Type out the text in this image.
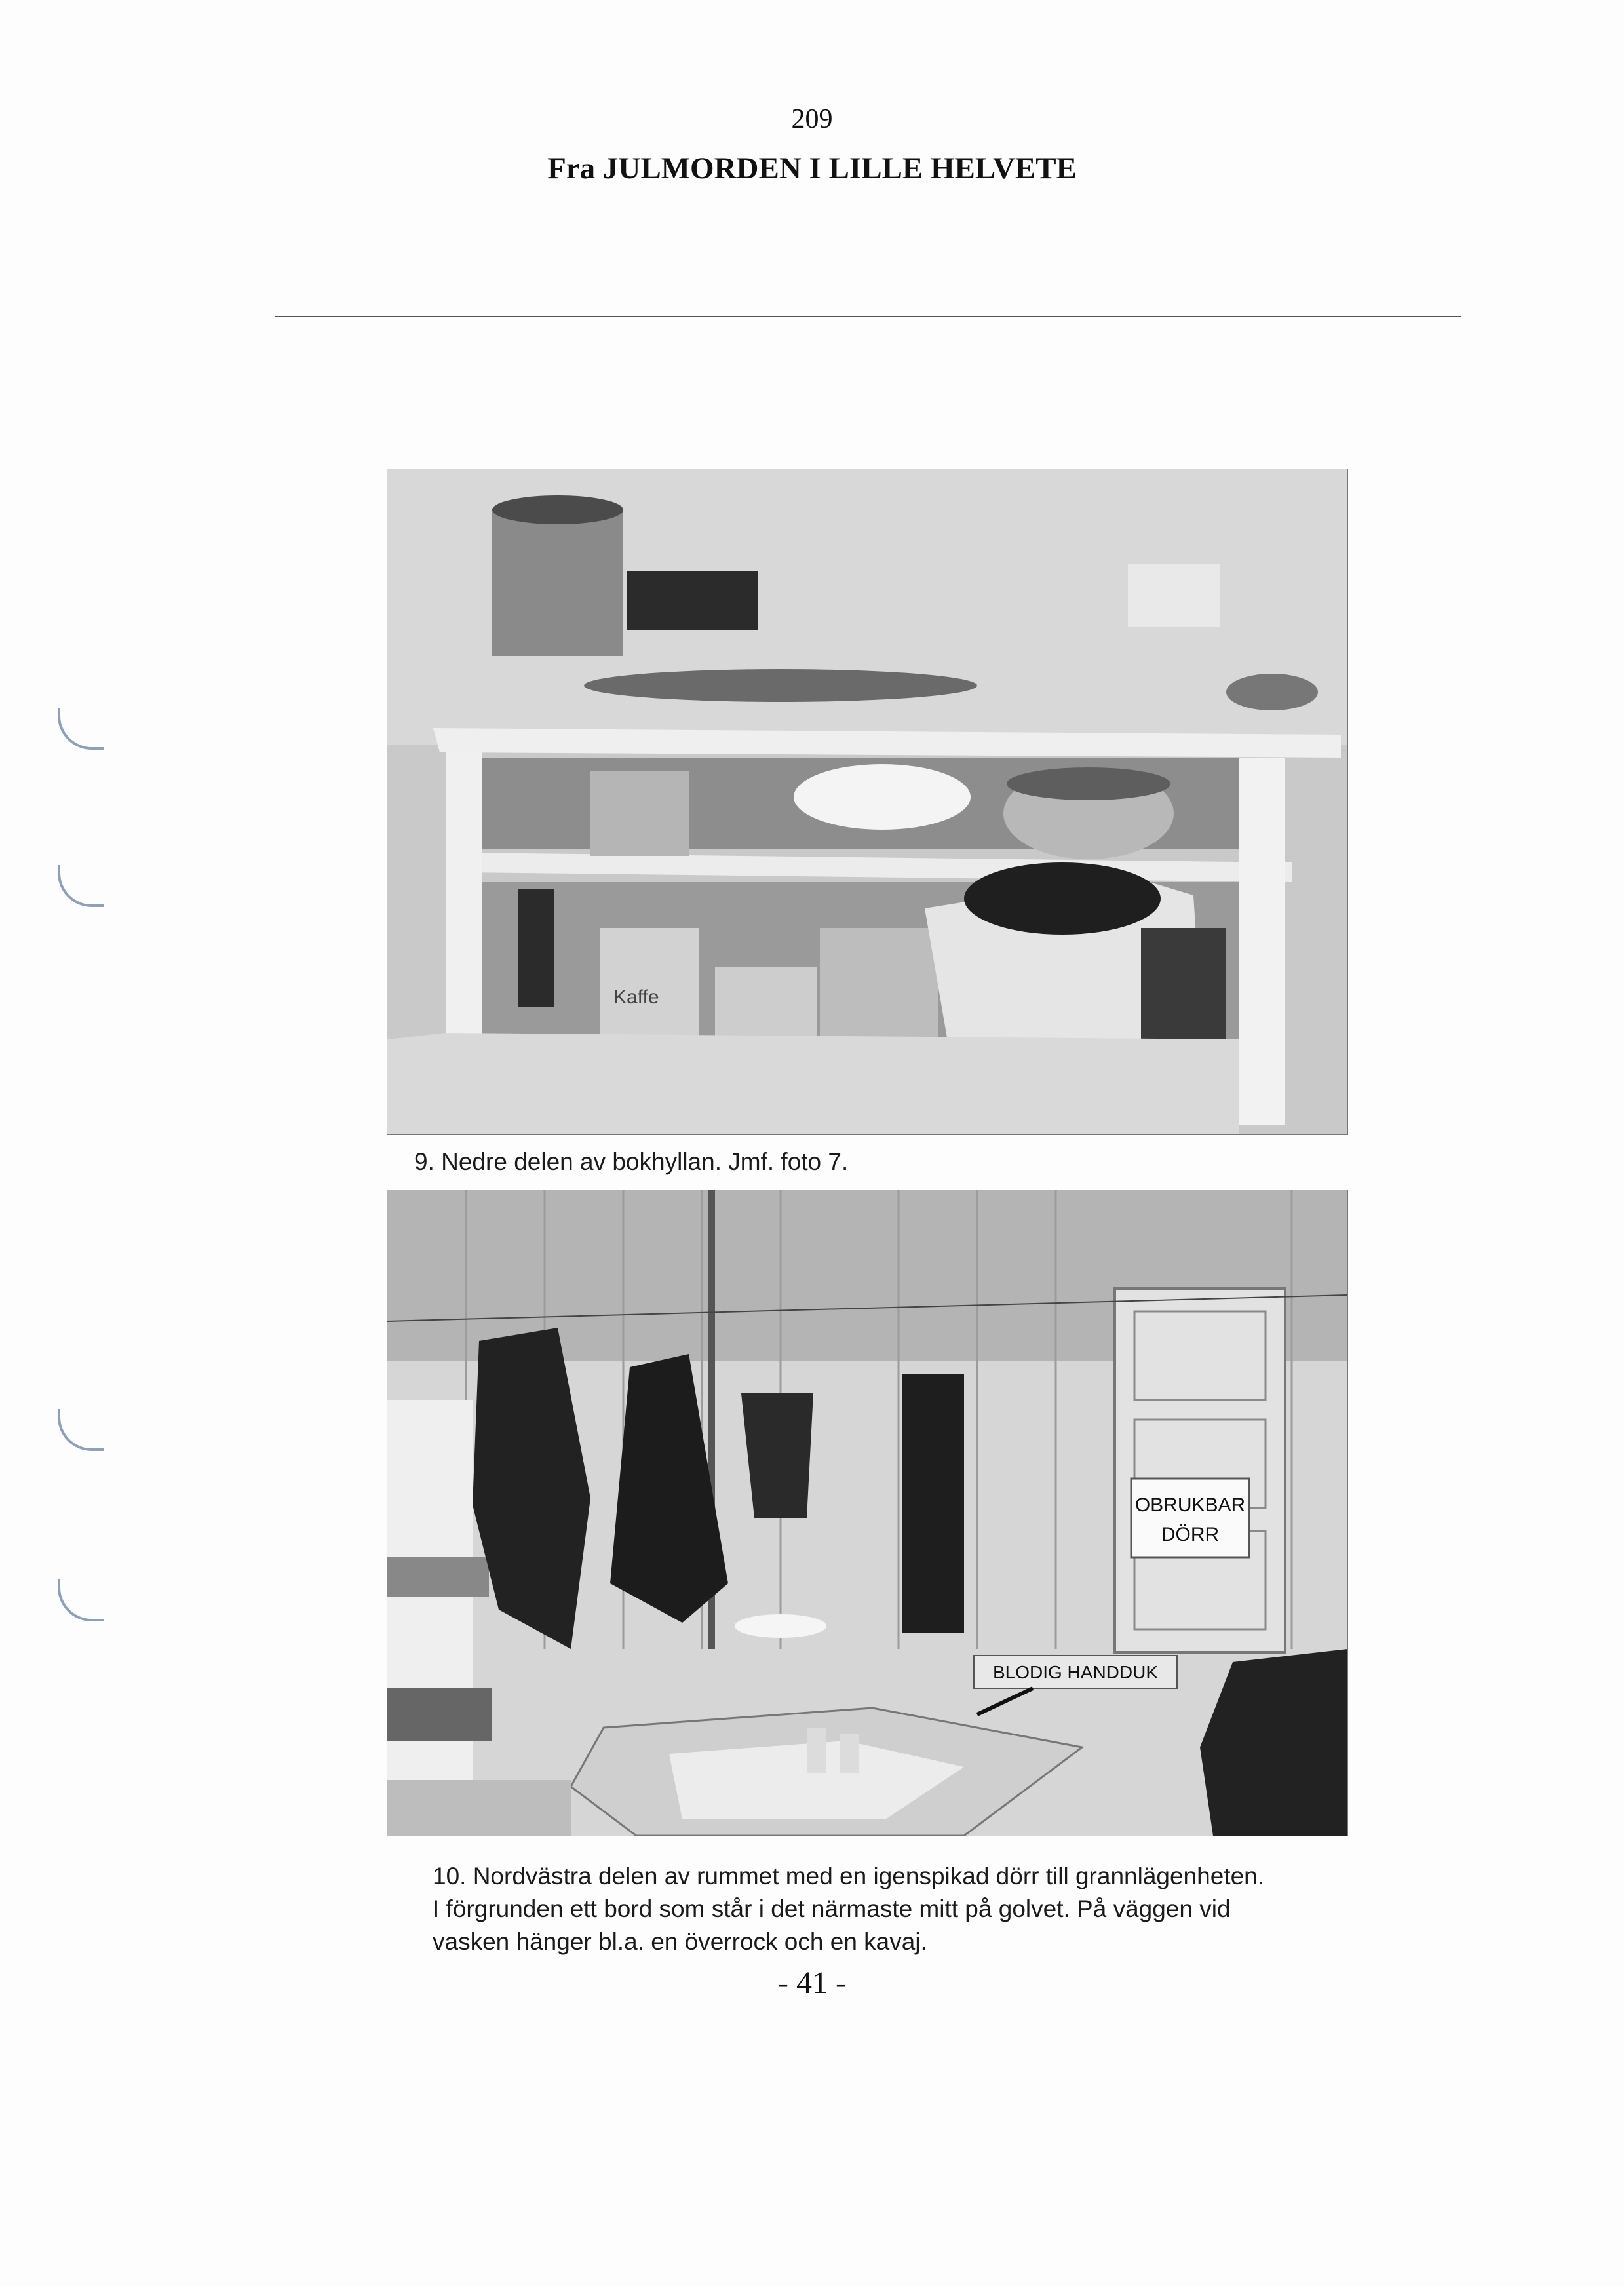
209
Fra JULMORDEN I LILLE HELVETE
Kaffe
9. Nedre delen av bokhyllan. Jmf. foto 7.
OBRUKBAR
DÖRR
BLODIG HANDDUK
10. Nordvästra delen av rummet med en igenspikad dörr till grannlägenheten.
I förgrunden ett bord som står i det närmaste mitt på golvet. På väggen vid
vasken hänger bl.a. en överrock och en kavaj.
- 41 -
